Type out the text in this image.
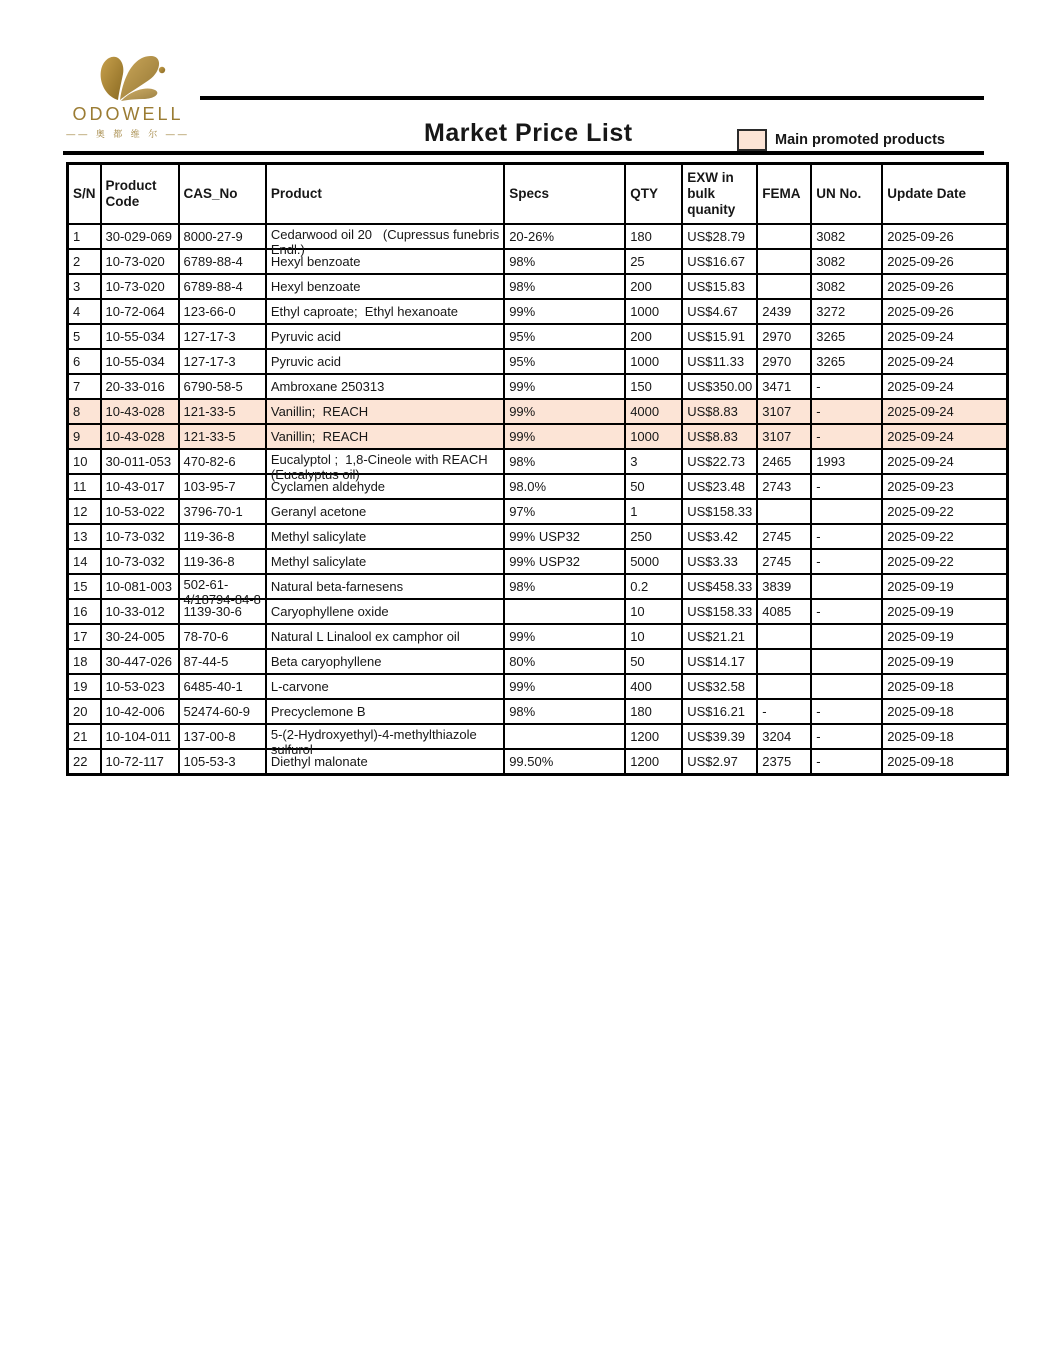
ODOWELL
—— 奥 都 维 尔 ——	Market Price List	Main promoted products
S/N	Product Code	CAS_No	Product	Specs	QTY	EXW in bulk quanity	FEMA	UN No.	Update Date
1	30-029-069	8000-27-9	Cedarwood oil 20   (Cupressus funebris
Endl.)	20-26%	180	US$28.79		3082	2025-09-26
2	10-73-020	6789-88-4	Hexyl benzoate	98%	25	US$16.67		3082	2025-09-26
3	10-73-020	6789-88-4	Hexyl benzoate	98%	200	US$15.83		3082	2025-09-26
4	10-72-064	123-66-0	Ethyl caproate;  Ethyl hexanoate	99%	1000	US$4.67	2439	3272	2025-09-26
5	10-55-034	127-17-3	Pyruvic acid	95%	200	US$15.91	2970	3265	2025-09-24
6	10-55-034	127-17-3	Pyruvic acid	95%	1000	US$11.33	2970	3265	2025-09-24
7	20-33-016	6790-58-5	Ambroxane 250313	99%	150	US$350.00	3471	-	2025-09-24
8	10-43-028	121-33-5	Vanillin;  REACH	99%	4000	US$8.83	3107	-	2025-09-24
9	10-43-028	121-33-5	Vanillin;  REACH	99%	1000	US$8.83	3107	-	2025-09-24
10	30-011-053	470-82-6	Eucalyptol ;  1,8-Cineole with REACH
(Eucalyptus oil)	98%	3	US$22.73	2465	1993	2025-09-24
11	10-43-017	103-95-7	Cyclamen aldehyde	98.0%	50	US$23.48	2743	-	2025-09-23
12	10-53-022	3796-70-1	Geranyl acetone	97%	1	US$158.33			2025-09-22
13	10-73-032	119-36-8	Methyl salicylate	99% USP32	250	US$3.42	2745	-	2025-09-22
14	10-73-032	119-36-8	Methyl salicylate	99% USP32	5000	US$3.33	2745	-	2025-09-22
15	10-081-003	502-61-
4/18794-84-8	Natural beta-farnesens	98%	0.2	US$458.33	3839		2025-09-19
16	10-33-012	1139-30-6	Caryophyllene oxide		10	US$158.33	4085	-	2025-09-19
17	30-24-005	78-70-6	Natural L Linalool ex camphor oil	99%	10	US$21.21			2025-09-19
18	30-447-026	87-44-5	Beta caryophyllene	80%	50	US$14.17			2025-09-19
19	10-53-023	6485-40-1	L-carvone	99%	400	US$32.58			2025-09-18
20	10-42-006	52474-60-9	Precyclemone B	98%	180	US$16.21	-	-	2025-09-18
21	10-104-011	137-00-8	5-(2-Hydroxyethyl)-4-methylthiazole
sulfurol		1200	US$39.39	3204	-	2025-09-18
22	10-72-117	105-53-3	Diethyl malonate	99.50%	1200	US$2.97	2375	-	2025-09-18
